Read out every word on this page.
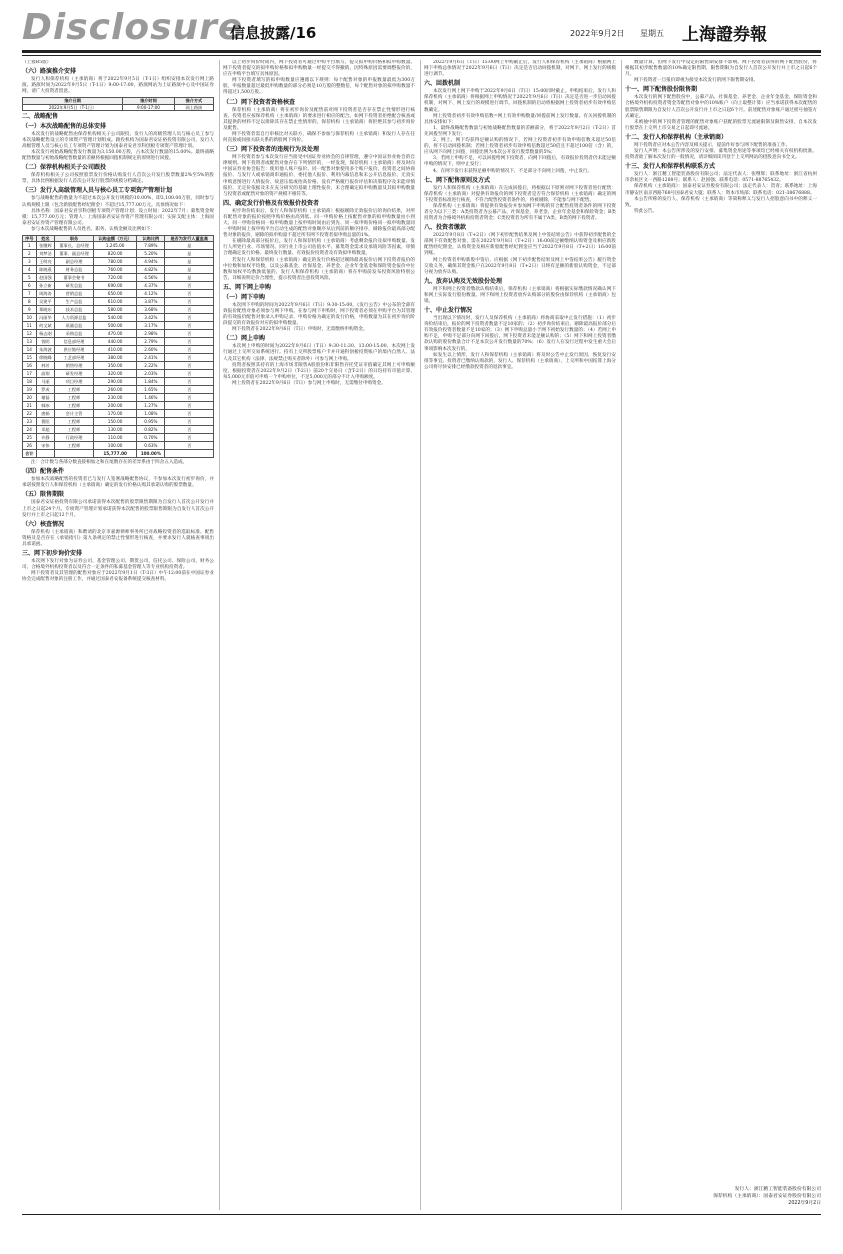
Disclosure
信息披露/16	2022年9月2日 星期五 上海證券報

（上接B5版）

（六）路演推介安排

发行人和保荐机构（主承销商）将于2022年9月5日（T-1日）组织安排本次发行网上路演。路演时间为2022年9月5日（T-1日）9:00-17:00，路演网站为上证路演中心及中国证券网，请广大投资者留意。

推介日期	推介时间	推介方式
2022年9月5日（T-1日）	9:00-17:00	网上路演
二、战略配售
（一）本次战略配售的总体安排

本次发行的战略配售由保荐机构相关子公司跟投、发行人的高级管理人员与核心员工参与本次战略配售设立的专项资产管理计划组成。跟投机构为国泰君安证裕投资有限公司，发行人高级管理人员与核心员工专项资产管理计划为国泰君安君享科创板专项资产管理计划。

本次发行初始战略配售发行数量为3,150.00万股，占本次发行数量的15.00%。最终战略配售数量与初始战略配售数量的差额将根据回拨机制规定的原则进行回拨。

（二）保荐机构相关子公司跟投

保荐机构相关子公司按照股票发行价格认购发行人首次公开发行股票数量2%至5%的股票，具体比例根据发行人首次公开发行股票的规模分档确定。

（三）发行人高级管理人员与核心员工专项资产管理计划

参与战略配售的数量为不超过本次公开发行规模的10.00%，即2,100.00万股，同时参与认购规模上限（包含新股配售经纪佣金）不超过15,777.00万元。具体情况如下：

具体名称：国泰君安君享科创板专项资产管理计划；设立时间：2022年7月；募集资金规模：15,777.00万元；管理人：上海国泰君安证券资产管理有限公司；实际支配主体：上海国泰君安证券资产管理有限公司。

参与本次战略配售的人员姓名、职务、认购金额及比例如下：

序号	姓名	职务	认购金额（万元）	认购比例	是否为发行人董监高
1	张继辉	董事长、总经理	1,245.00	7.89%	是
2	刘梦洁	董事、副总经理	820.00	5.20%	是
3	王明亮	副总经理	780.00	4.94%	是
4	陈晓燕	财务总监	760.00	4.82%	是
5	赵国强	董事会秘书	720.00	4.56%	是
6	孙立新	研发总监	690.00	4.37%	否
7	周海涛	营销总监	650.00	4.12%	否
8	吴建平	生产总监	610.00	3.87%	否
9	郑晓东	技术总监	580.00	3.68%	否
10	冯丽华	人力资源总监	540.00	3.42%	否
11	何文斌	质量总监	500.00	3.17%	否
12	杨志刚	采购总监	470.00	2.98%	否
13	钱明	信息部经理	440.00	2.79%	否
14	朱海波	供应链经理	410.00	2.60%	否
15	徐晓峰	工艺部经理	380.00	2.41%	否
16	林芳	销售经理	350.00	2.22%	否
17	高翔	研发经理	320.00	2.03%	否
18	马丽	项目经理	290.00	1.84%	否
19	罗成	工程师	260.00	1.65%	否
20	谢磊	工程师	230.00	1.46%	否
21	韩冰	工程师	200.00	1.27%	否
22	唐娟	会计主管	170.00	1.08%	否
23	曹阳	工程师	150.00	0.95%	否
24	邓超	工程师	130.00	0.82%	否
25	许静	行政经理	110.00	0.70%	否
26	宋伟	工程师	100.00	0.63%	否
合计			15,777.00	100.00%	

注：合计数与各部分数直接相加之和在尾数存在的差异系由于四舍五入造成。

（四）配售条件

参加本次战略配售的投资者已与发行人签署战略配售协议，不参加本次发行初步询价，并承诺按照发行人和保荐机构（主承销商）确定的发行价格认购其承诺认购的股票数量。

（五）限售期限

国泰君安证裕投资有限公司承诺获得本次配售的股票限售期限为自发行人首次公开发行并上市之日起24个月。专项资产管理计划承诺获得本次配售的股票限售期限为自发行人首次公开发行并上市之日起12个月。

（六）核查情况

保荐机构（主承销商）和聘请的北京市嘉源律师事务所已对战略投资者的选取标准、配售资格及是否存在《承销指引》第九条规定的禁止性情形进行核查，并要求发行人就核查事项出具承诺函。

三、网下初步询价安排

本次网下发行对象为证券公司、基金管理公司、期货公司、信托公司、保险公司、财务公司、合格境外机构投资者以及符合一定条件的私募基金管理人等专业机构投资者。

网下投资者及其管理的配售对象应于2022年9月1日（T-3日）中午12:00前在中国证券业协会完成配售对象的注册工作，并通过国泰君安报备系统提交核查材料。

以上初步询价时间内，网下投资者可通过申购平台填写、提交拟申购价格和拟申购数量。网下投资者提交的拟申购价格和拟申购数量一经提交不得撤销，因特殊原因需要调整报价的，应在申购平台填写具体原因。

网下投资者填写的拟申购数量应遵循以下规则：每个配售对象的申报数量最低为300万股，申报数量超过最低申购数量的部分必须是10万股的整数倍，每个配售对象的拟申购数量不得超过1,500万股。

（二）网下投资者资格核查

保荐机构（主承销商）将在初步询价及配售前对网下投资者是否存在禁止性情形进行核查，投资者应按保荐机构（主承销商）的要求进行相应的配合。如网下投资者拒绝配合核查或其提供的材料不足以排除其存在禁止性情形的，保荐机构（主承销商）将拒绝其参与初步询价及配售。

网下投资者需自行审核比对关联方，确保不参加与保荐机构（主承销商）和发行人存在任何直接或间接关联关系的新股网下询价。

（三）网下投资者的违规行为及处理

网下投资者参与本次发行应当接受中国证券业协会的自律管理，遵守中国证券业协会的自律规则。网下投资者或配售对象存在下列情形的，一经发现，保荐机构（主承销商）将及时向中国证券业协会报告：使用他人账户报价、同一配售对象使用多个账户报价、投资者之间协商报价、与发行人或承销商串通报价、委托他人报价、利用内幕信息和未公开信息报价、无真实申购意图进行人情报价、故意压低或抬高价格、没有严格履行报价评估和决策程序及未能审慎报价、无定价依据及未在充分研究的基础上理性报价、未合理确定拟申购数量及其拟申购数量与投资者或配售对象的资产规模不相符等。

四、确定发行价格及有效报价投资者

初步询价结束后，发行人和保荐机构（主承销商）根据剔除无效报价后的询价结果，对所有配售对象的报价按照申购价格由高到低、同一申购价格上按配售对象的拟申购数量由小到大、同一申购价格同一拟申购数量上按申购时间由后到先、同一拟申购价格同一拟申购数量同一申购时间上按申购平台自动生成的配售对象顺序从后到前的顺序排序，剔除报价最高部分配售对象的报价，剔除的拟申购量不超过所有网下投资者拟申购总量的1%。

在剔除最高部分报价后，发行人和保荐机构（主承销商）考虑剩余报价及拟申购数量、发行人所处行业、市场情况、同行业上市公司估值水平、募集资金需求及承销风险等因素，审慎合理确定发行价格、最终发行数量、有效报价投资者及有效拟申购数量。

若发行人和保荐机构（主承销商）确定的发行价格超过剔除最高报价后网下投资者报价的中位数和加权平均数，以及公募基金、社保基金、养老金、企业年金基金和保险资金报价中位数和加权平均数孰低值的，发行人和保荐机构（主承销商）将在申购前发布投资风险特别公告，详细说明定价合理性，提示投资者注意投资风险。

五、网下网上申购
（一）网下申购

本次网下申购的时间为2022年9月6日（T日）9:30-15:00。《发行公告》中公布的全部有效报价配售对象必须参与网下申购。在参与网下申购时，网下投资者必须在申购平台为其管理的有效报价配售对象录入申购记录，申购价格为确定的发行价格，申购数量为其在初步询价阶段提交的有效报价对应的拟申购数量。

网下投资者在2022年9月6日（T日）申购时，无需缴纳申购资金。

（二）网上申购

本次网上申购的时间为2022年9月6日（T日）9:30-11:30、13:00-15:00。本次网上发行通过上交所交易系统进行。持有上交所股票账户卡并开通科创板投资账户的境内自然人、法人及其它机构（法律、法规禁止购买者除外）可参与网上申购。

投资者按照其持有的上海市场非限售A股股份和非限售存托凭证市值确定其网上可申购额度，根据投资者在2022年9月2日（T-2日）前20个交易日（含T-2日）的日均持有市值计算，每5,000元市值可申购一个申购单位，不足5,000元的部分不计入申购额度。

网上投资者在2022年9月6日（T日）参与网上申购时，无需缴付申购资金。

2022年9月6日（T日）15:00网上申购截止后，发行人和保荐机构（主承销商）根据网上网下申购总体情况于2022年9月6日（T日）决定是否启动回拨机制，对网下、网上发行的规模进行调节。

六、回拨机制

本次发行网上网下申购于2022年9月6日（T日）15:00同时截止。申购结束后，发行人和保荐机构（主承销商）将根据网上申购情况于2022年9月6日（T日）决定是否进一步启动回拨机制，对网下、网上发行的规模进行调节。回拨机制的启动将根据网上投资者初步有效申购倍数确定。

网上投资者初步有效申购倍数=网上有效申购数量/回拨前网上发行数量。有关回拨机制的具体安排如下：

1、最终战略配售数量与初始战略配售数量的差额部分，将于2022年9月2日（T-2日）首先回拨至网下发行；

2、网上、网下均获得足额认购的情况下，若网上投资者初步有效申购倍数未超过50倍的，将不启动回拨机制；若网上投资者初步有效申购倍数超过50倍且不超过100倍（含）的，应从网下向网上回拨，回拨比例为本次公开发行股票数量的5%；

3、若网上申购不足，可以回拨给网下投资者，向网下回拨后，有效报价投资者仍未能足额申购的情况下，则中止发行；

4、在网下发行未获得足额申购的情况下，不足部分不向网上回拨，中止发行。

七、网下配售原则及方式

发行人和保荐机构（主承销商）在完成回拨后，将根据以下原则对网下投资者进行配售：保荐机构（主承销商）对提供有效报价的网下投资者是否符合保荐机构（主承销商）确定的网下投资者标准进行核查，不符合配售投资者条件的，将被剔除，不能参与网下配售。

保荐机构（主承销商）将提供有效报价并参加网下申购的符合配售投资者条件的网下投资者分为以下三类：A类投资者为公募产品、社保基金、养老金、企业年金基金和保险资金；B类投资者为合格境外机构投资者资金；C类投资者为所有不属于A类、B类的网下投资者。

八、投资者缴款

2022年9月8日（T+2日）《网下初步配售结果及网上中签结果公告》中获得初步配售的全部网下有效配售对象，需在2022年9月8日（T+2日）16:00前足额缴纳认购资金及相应新股配售经纪佣金，认购资金及相应新股配售经纪佣金应当于2022年9月8日（T+2日）16:00前到账。

网上投资者申购新股中签后，应根据《网下初步配售结果及网上中签结果公告》履行资金交收义务，确保其资金账户在2022年9月8日（T+2日）日终有足额的新股认购资金，不足部分视为放弃认购。

九、放弃认购及无效股份处理

网下和网上投资者缴款认购结束后，保荐机构（主承销商）将根据实际缴款情况确认网下和网上实际发行股份数量。网下和网上投资者放弃认购部分的股份由保荐机构（主承销商）包销。

十、中止发行情况

当出现以下情况时，发行人及保荐机构（主承销商）将协商采取中止发行措施：（1）初步询价结束后，报价的网下投资者数量不足10家的；（2）初步询价结束后，剔除最高报价部分后有效报价投资者数量不足10家的；（3）网下申购总量小于网下初始发行数量的；（4）若网上申购不足，申购不足部分向网下回拨后，网下投资者未能足额认购的；（5）网下和网上投资者缴款认购的股份数量合计不足本次公开发行数量的70%；（6）发行人在发行过程中发生重大会后事项影响本次发行的。

如发生以上情形，发行人和保荐机构（主承销商）将及时公告中止发行原因、恢复发行安排等事宜。投资者已缴纳认购款的，发行人、保荐机构（主承销商）、上交所和中国结算上海分公司将尽快安排已经缴款投资者的退款事宜。

数量计算，但网下发行中设定的限售期安排不影响。网下投资者获得的网下配售股份，将根据其初步配售数量的10%确定限售期，限售期限为自发行人首次公开发行并上市之日起6个月。

网下投资者一旦报价即视为接受本次发行的网下限售期安排。

十一、网下配售股份限售期

本次发行的网下配售股份中，公募产品、社保基金、养老金、企业年金基金、保险资金和合格境外机构投资者资金等配售对象中的10%账户（向上取整计算）应当承诺获得本次配售的股票限售期限为自发行人首次公开发行并上市之日起6个月。前述配售对象账户通过摇号抽签方式确定。

未被抽中的网下投资者管理的配售对象账户获配的股票无流通限制及限售安排，自本次发行股票在上交所上市交易之日起即可流通。

十二、发行人和保荐机构（主承销商）

网下投资者应对本公告内容及相关提示，提前作好参与网下配售的准备工作。

发行人声明：本公告所涉及的发行安排、募集资金用途等事项均已经相关有权机构批准。投资者欲了解本次发行的一般情况，请详细阅读刊登于上交所网站的招股意向书全文。

十三、发行人和保荐机构联系方式

发行人：浙江精工智能装备股份有限公司；法定代表人：张继辉；联系地址：浙江省杭州市余杭区文一西路1288号；联系人：赵国强；联系电话：0571-88765432。

保荐机构（主承销商）：国泰君安证券股份有限公司；法定代表人：贺青；联系地址：上海市静安区南京西路768号国泰君安大厦；联系人：资本市场部；联系电话：021-38676888。

本公告所称的发行人、保荐机构（主承销商）等简称释义与发行人招股意向书中的释义一致。

特此公告。

发行人：浙江精工智能装备股份有限公司
保荐机构（主承销商）：国泰君安证券股份有限公司
2022年9月2日
